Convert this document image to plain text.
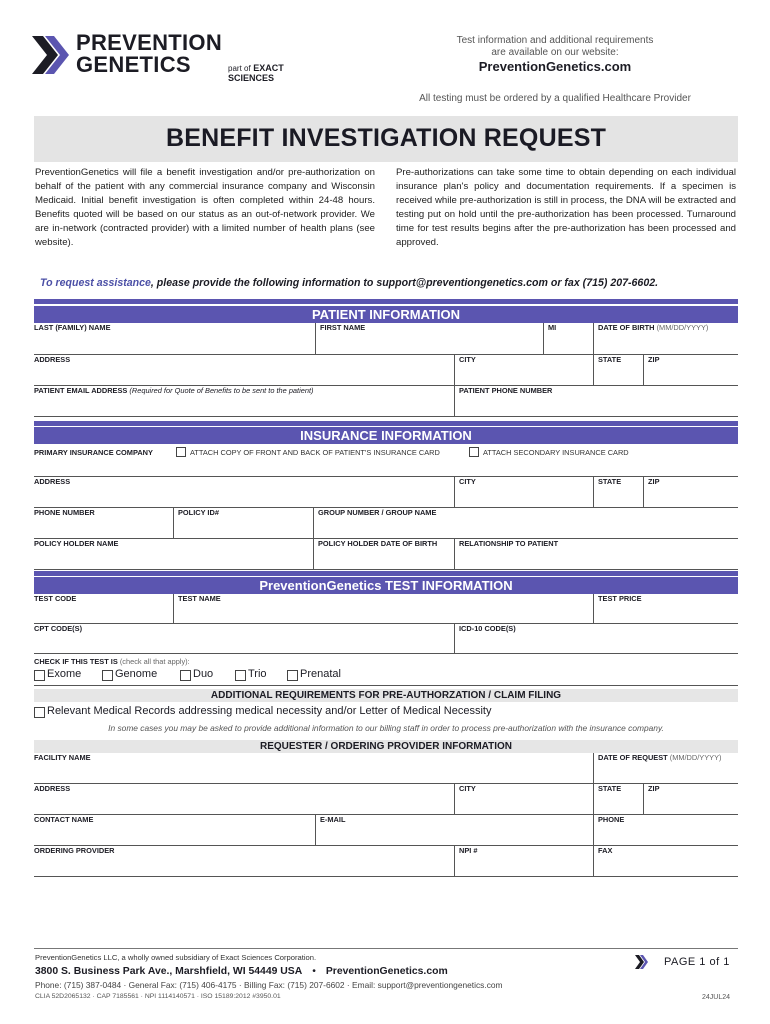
PREVENTION
GENETICS	part of EXACT SCIENCES
Test information and additional requirements
are available on our website:
PreventionGenetics.com
All testing must be ordered by a qualified Healthcare Provider
BENEFIT INVESTIGATION REQUEST
PreventionGenetics will file a benefit investigation and/or pre-authorization on behalf of the patient with any commercial insurance company and Wisconsin Medicaid. Initial benefit investigation is often completed within 24-48 hours. Benefits quoted will be based on our status as an out-of-network provider. We are in-network (contracted provider) with a limited number of health plans (see website).
Pre-authorizations can take some time to obtain depending on each individual insurance plan's policy and documentation requirements. If a specimen is received while pre-authorization is still in process, the DNA will be extracted and testing put on hold until the pre-authorization has been processed. Turnaround time for test results begins after the pre-authorization has been processed and approved.
To request assistance, please provide the following information to support@preventiongenetics.com or fax (715) 207-6602.
PATIENT INFORMATION
LAST (FAMILY) NAME	FIRST NAME	MI	DATE OF BIRTH (MM/DD/YYYY)
ADDRESS	CITY	STATE	ZIP
PATIENT EMAIL ADDRESS (Required for Quote of Benefits to be sent to the patient)	PATIENT PHONE NUMBER
INSURANCE INFORMATION
PRIMARY INSURANCE COMPANY	ATTACH COPY OF FRONT AND BACK OF PATIENT'S INSURANCE CARD	ATTACH SECONDARY INSURANCE CARD
ADDRESS	CITY	STATE	ZIP
PHONE NUMBER	POLICY ID#	GROUP NUMBER / GROUP NAME
POLICY HOLDER NAME	POLICY HOLDER DATE OF BIRTH	RELATIONSHIP TO PATIENT
PreventionGenetics TEST INFORMATION
TEST CODE	TEST NAME	TEST PRICE
CPT CODE(S)	ICD-10 CODE(S)
CHECK IF THIS TEST IS (check all that apply):
Exome	Genome	Duo	Trio	Prenatal
ADDITIONAL REQUIREMENTS FOR PRE-AUTHORZATION / CLAIM FILING
Relevant Medical Records addressing medical necessity and/or Letter of Medical Necessity
In some cases you may be asked to provide additional information to our billing staff in order to process pre-authorization with the insurance company.
REQUESTER / ORDERING PROVIDER INFORMATION
FACILITY NAME	DATE OF REQUEST (MM/DD/YYYY)
ADDRESS	CITY	STATE	ZIP
CONTACT NAME	E-MAIL	PHONE
ORDERING PROVIDER	NPI #	FAX
PreventionGenetics LLC, a wholly owned subsidiary of Exact Sciences Corporation.
3800 S. Business Park Ave., Marshfield, WI 54449 USA • PreventionGenetics.com
Phone: (715) 387-0484 · General Fax: (715) 406-4175 · Billing Fax: (715) 207-6602 · Email: support@preventiongenetics.com
CLIA 52D2065132 · CAP 7185561 · NPI 1114140571 · ISO 15189:2012 #3950.01
PAGE 1 of 1
24JUL24
